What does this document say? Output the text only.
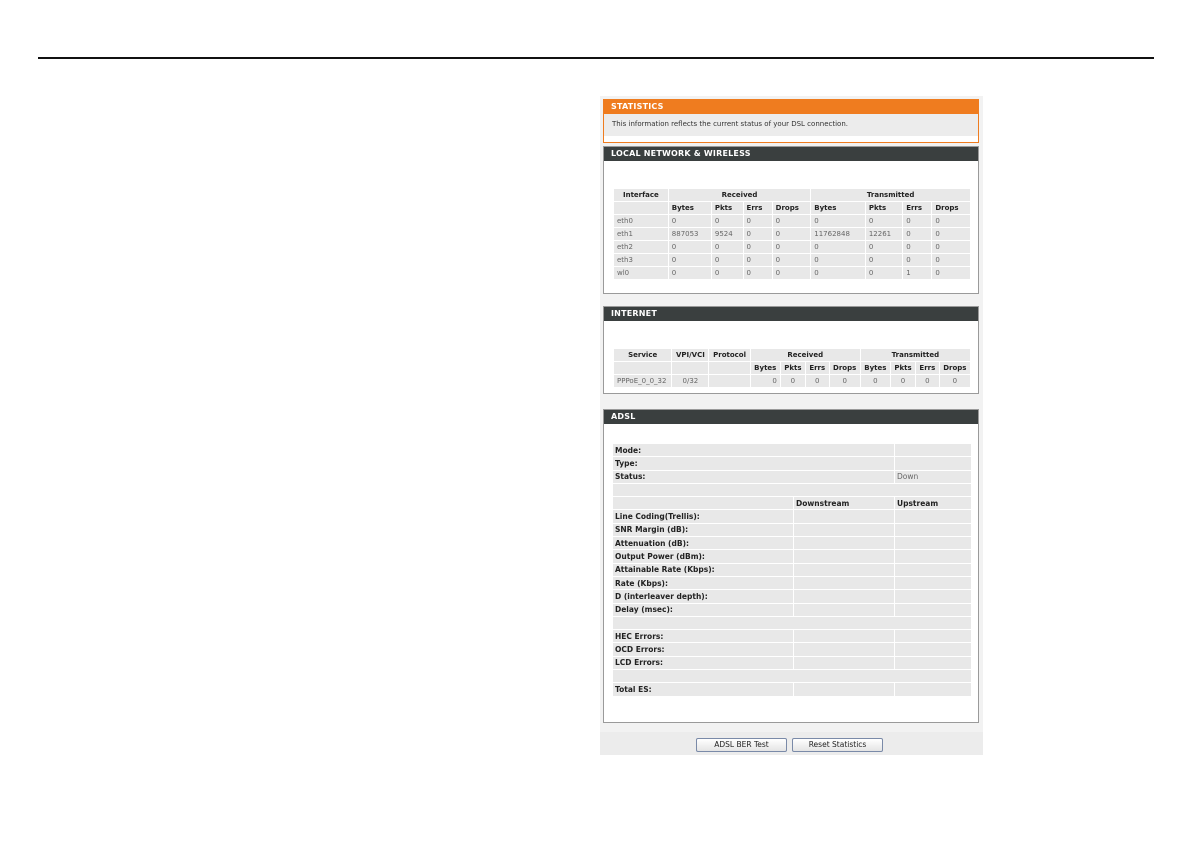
STATISTICS
This information reflects the current status of your DSL connection.
LOCAL NETWORK & WIRELESS
Interface	Received				Transmitted			
	Bytes	Pkts	Errs	Drops	Bytes	Pkts	Errs	Drops
eth0	0	0	0	0	0	0	0	0
eth1	887053	9524	0	0	11762848	12261	0	0
eth2	0	0	0	0	0	0	0	0
eth3	0	0	0	0	0	0	0	0
wl0	0	0	0	0	0	0	1	0
INTERNET
Service	VPI/VCI	Protocol	Received				Transmitted			
			Bytes	Pkts	Errs	Drops	Bytes	Pkts	Errs	Drops
PPPoE_0_0_32	0/32		0	0	0	0	0	0	0	0
ADSL
Mode:		
Type:		
Status:		Down

	Downstream	Upstream
Line Coding(Trellis):		
SNR Margin (dB):		
Attenuation (dB):		
Output Power (dBm):		
Attainable Rate (Kbps):		
Rate (Kbps):		
D (interleaver depth):		
Delay (msec):		

HEC Errors:		
OCD Errors:		
LCD Errors:		

Total ES:		
ADSL BER Test	Reset Statistics
